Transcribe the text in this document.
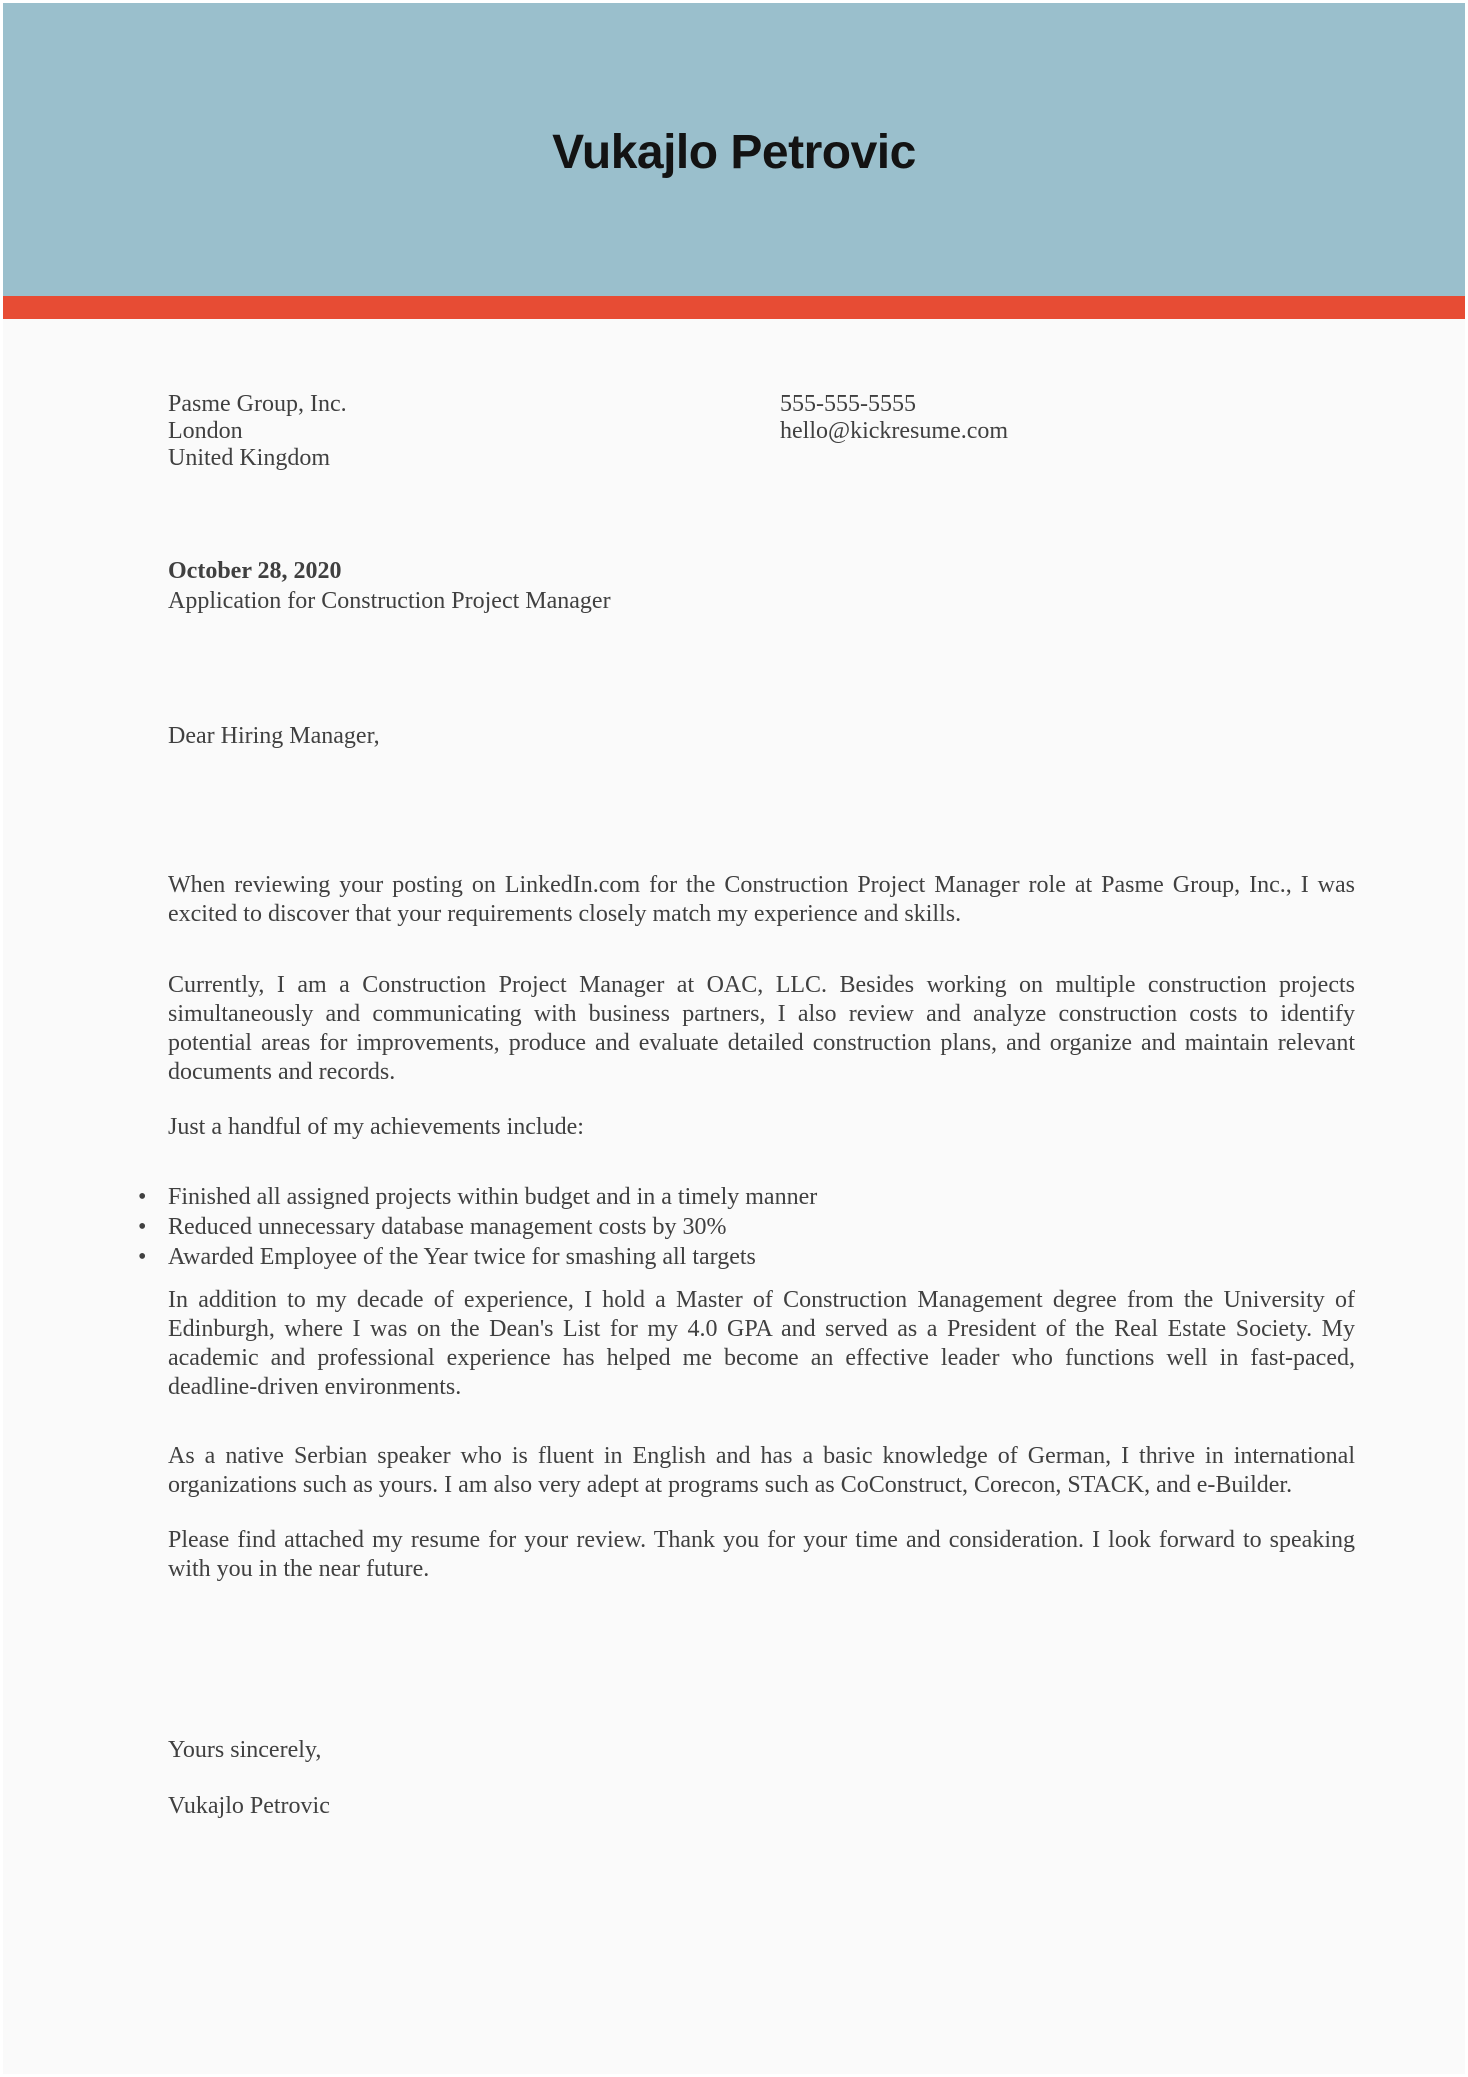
Vukajlo Petrovic
Pasme Group, Inc.
London
United Kingdom
555-555-5555
hello@kickresume.com
October 28, 2020
Application for Construction Project Manager
Dear Hiring Manager,

When reviewing your posting on LinkedIn.com for the Construction Project Manager role at Pasme Group, Inc., I was excited to discover that your requirements closely match my experience and skills.

Currently, I am a Construction Project Manager at OAC, LLC. Besides working on multiple construction projects simultaneously and communicating with business partners, I also review and analyze construction costs to identify potential areas for improvements, produce and evaluate detailed construction plans, and organize and maintain relevant documents and records.

Just a handful of my achievements include:

• Finished all assigned projects within budget and in a timely manner
• Reduced unnecessary database management costs by 30%
• Awarded Employee of the Year twice for smashing all targets

In addition to my decade of experience, I hold a Master of Construction Management degree from the University of Edinburgh, where I was on the Dean's List for my 4.0 GPA and served as a President of the Real Estate Society. My academic and professional experience has helped me become an effective leader who functions well in fast-paced, deadline-driven environments.

As a native Serbian speaker who is fluent in English and has a basic knowledge of German, I thrive in international organizations such as yours. I am also very adept at programs such as CoConstruct, Corecon, STACK, and e-Builder.

Please find attached my resume for your review. Thank you for your time and consideration. I look forward to speaking with you in the near future.

Yours sincerely,
Vukajlo Petrovic
